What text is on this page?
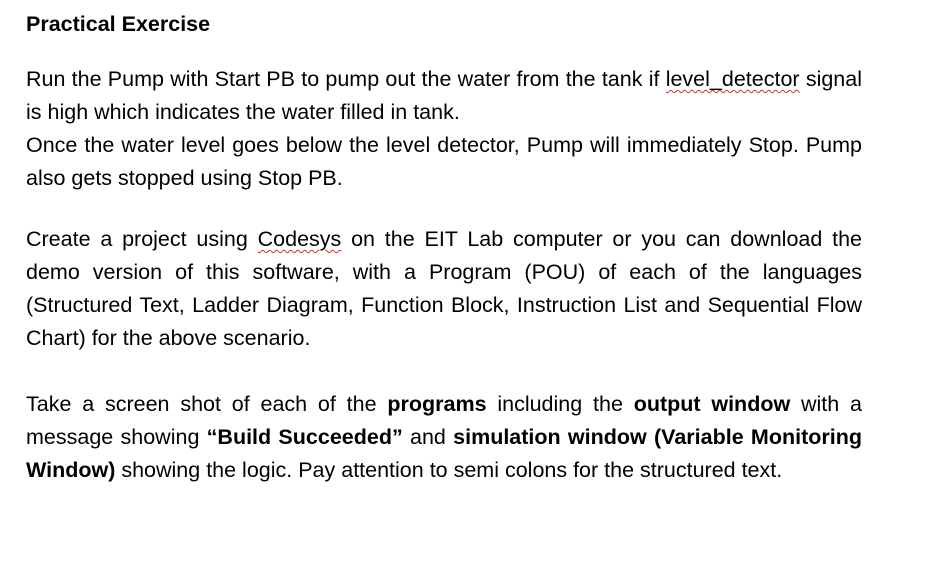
Practical Exercise

Run the Pump with Start PB to pump out the water from the tank if level_detector signal is high which indicates the water filled in tank.
Once the water level goes below the level detector, Pump will immediately Stop. Pump also gets stopped using Stop PB.

Create a project using Codesys on the EIT Lab computer or you can download the demo version of this software, with a Program (POU) of each of the languages (Structured Text, Ladder Diagram, Function Block, Instruction List and Sequential Flow Chart) for the above scenario.

Take a screen shot of each of the programs including the output window with a message showing “Build Succeeded” and simulation window (Variable Monitoring Window) showing the logic. Pay attention to semi colons for the structured text.
